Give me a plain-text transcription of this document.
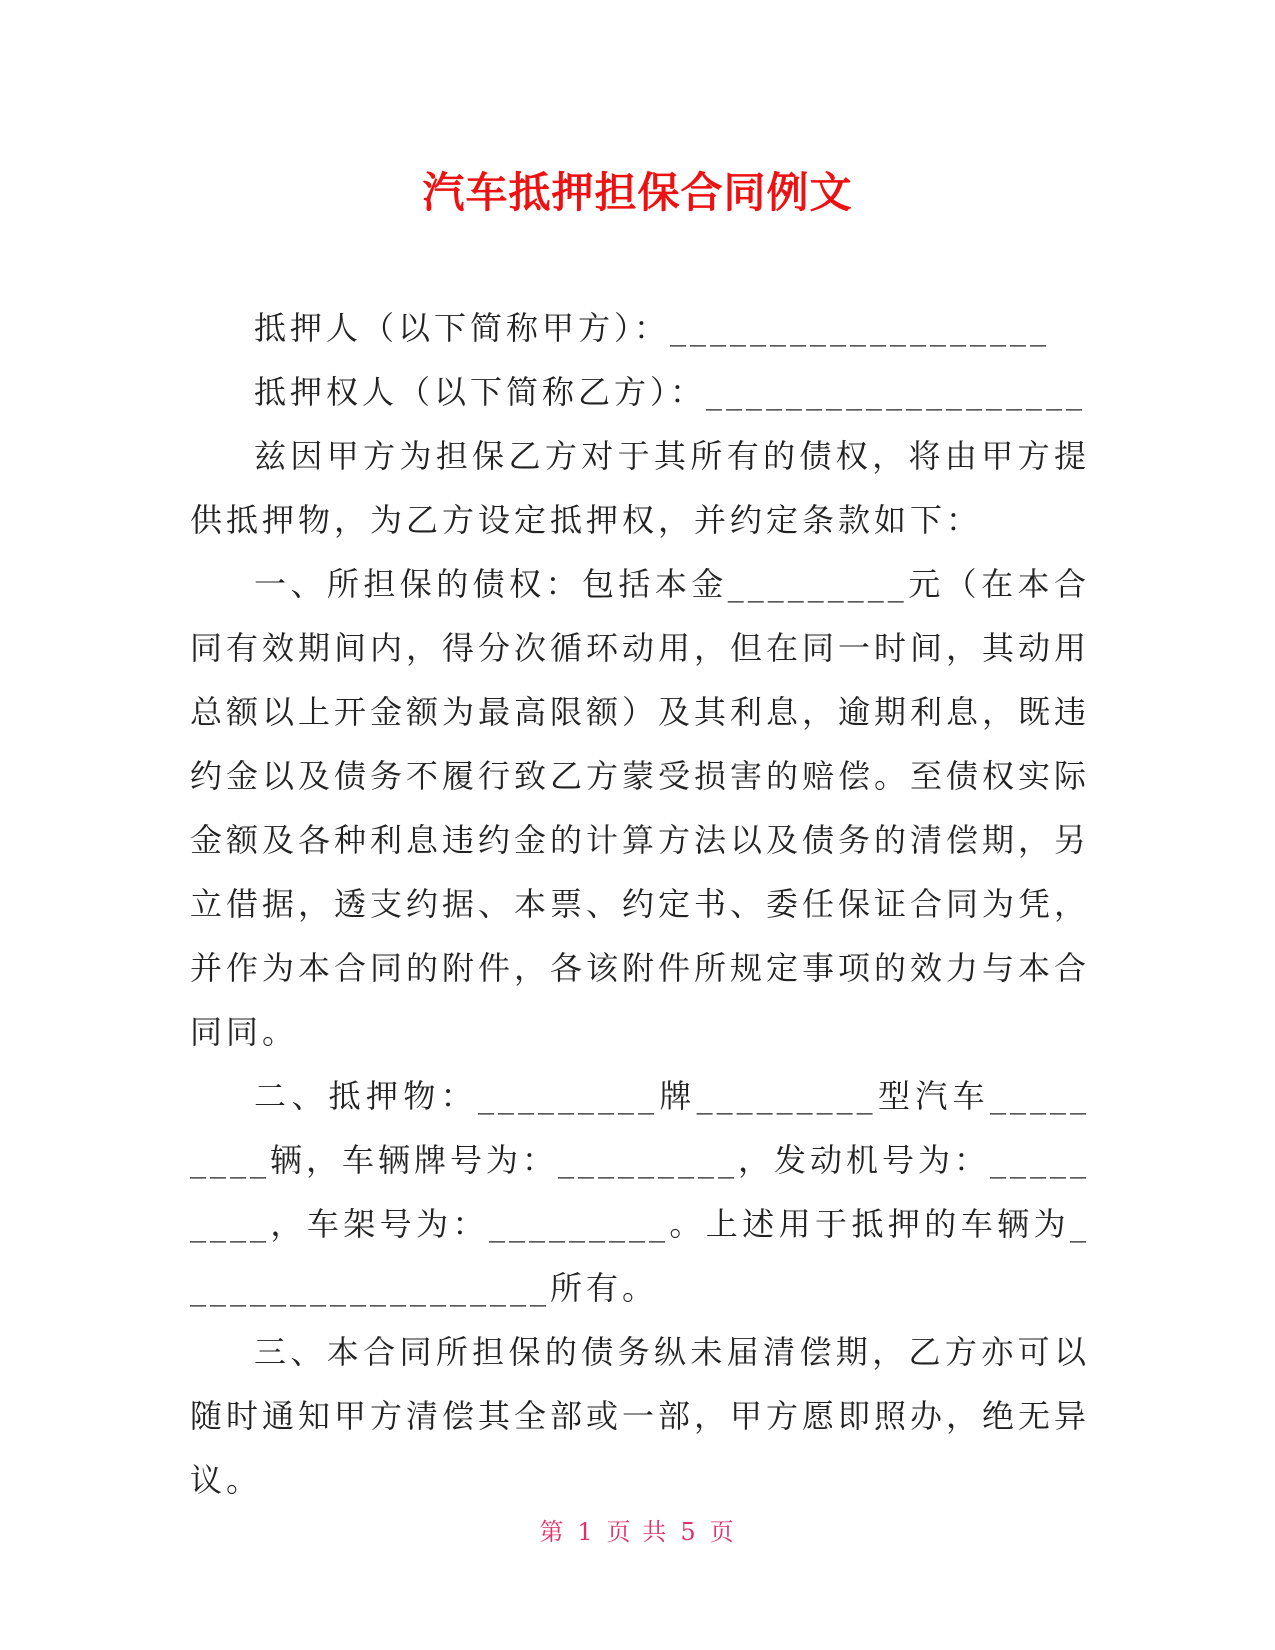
汽车抵押担保合同例文

抵押人（以下简称甲方）：___________________

抵押权人（以下简称乙方）：___________________

兹因甲方为担保乙方对于其所有的债权，将由甲方提供抵押物，为乙方设定抵押权，并约定条款如下：

一、所担保的债权：包括本金_________元（在本合同有效期间内，得分次循环动用，但在同一时间，其动用总额以上开金额为最高限额）及其利息，逾期利息，既违约金以及债务不履行致乙方蒙受损害的赔偿。至债权实际金额及各种利息违约金的计算方法以及债务的清偿期，另立借据，透支约据、本票、约定书、委任保证合同为凭，并作为本合同的附件，各该附件所规定事项的效力与本合同同。

二、抵押物：_________牌_________型汽车_________辆，车辆牌号为：_________，发动机号为：_________，车架号为：_________。上述用于抵押的车辆为___________________所有。

三、本合同所担保的债务纵未届清偿期，乙方亦可以随时通知甲方清偿其全部或一部，甲方愿即照办，绝无异议。

第 1 页 共 5 页
